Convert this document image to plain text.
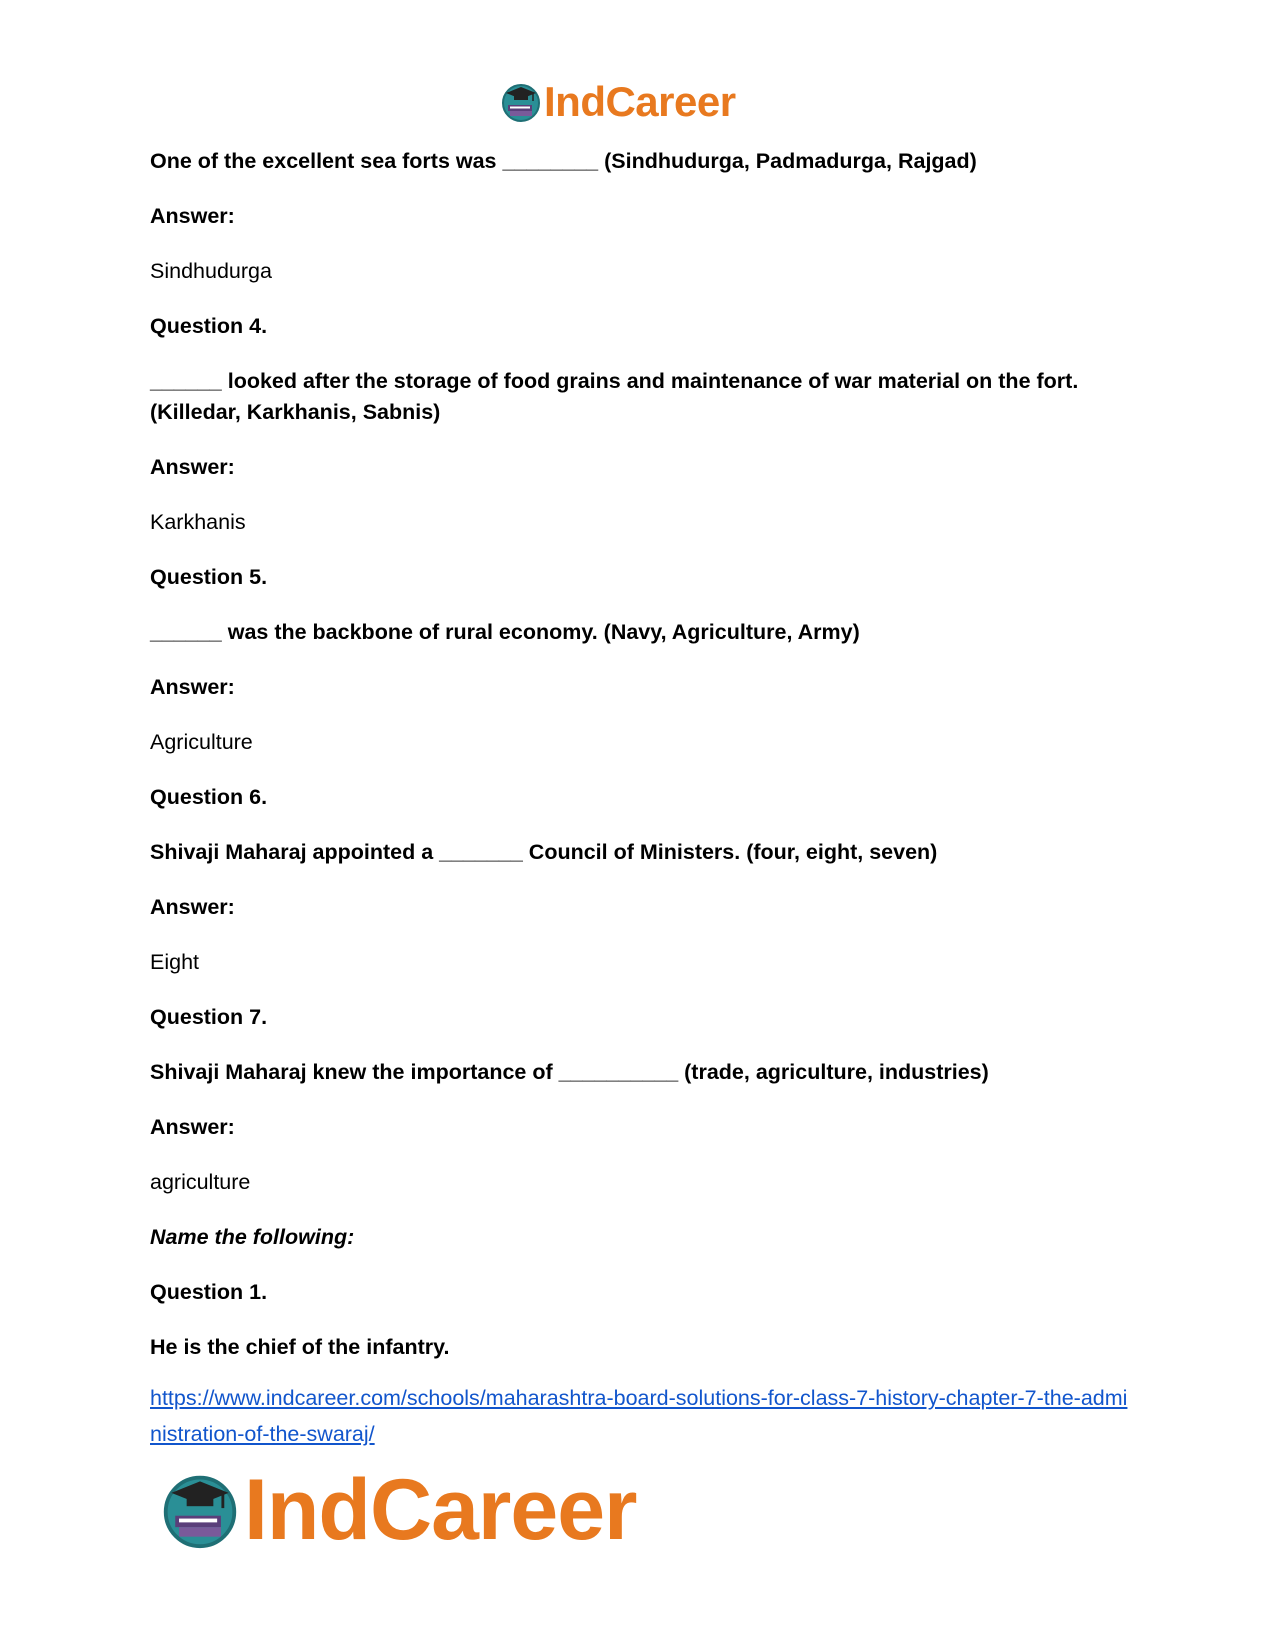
IndCareer

One of the excellent sea forts was ________ (Sindhudurga, Padmadurga, Rajgad)

Answer:

Sindhudurga

Question 4.

______ looked after the storage of food grains and maintenance of war material on the fort. (Killedar, Karkhanis, Sabnis)

Answer:

Karkhanis

Question 5.

______ was the backbone of rural economy. (Navy, Agriculture, Army)

Answer:

Agriculture

Question 6.

Shivaji Maharaj appointed a _______ Council of Ministers. (four, eight, seven)

Answer:

Eight

Question 7.

Shivaji Maharaj knew the importance of __________ (trade, agriculture, industries)

Answer:

agriculture

Name the following:

Question 1.

He is the chief of the infantry.

https://www.indcareer.com/schools/maharashtra-board-solutions-for-class-7-history-chapter-7-the-administration-of-the-swaraj/
IndCareer
